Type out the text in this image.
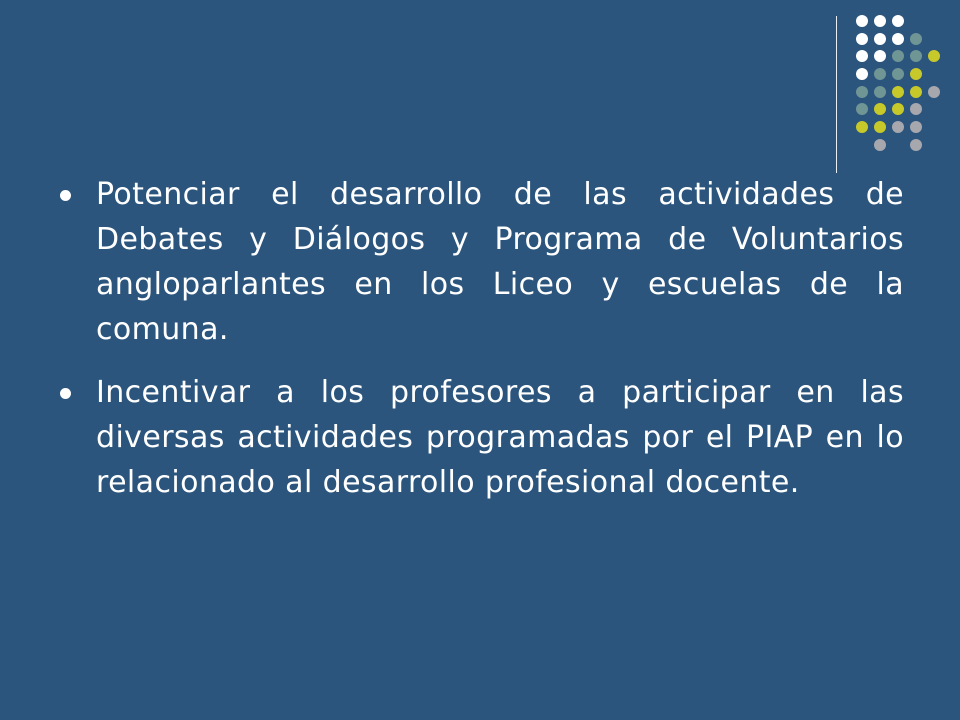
Potenciar el desarrollo de las actividades de Debates y Diálogos y Programa de Voluntarios angloparlantes en los Liceo y escuelas de la comuna.
Incentivar a los profesores a participar en las diversas actividades programadas por el PIAP en lo relacionado al desarrollo profesional docente.
